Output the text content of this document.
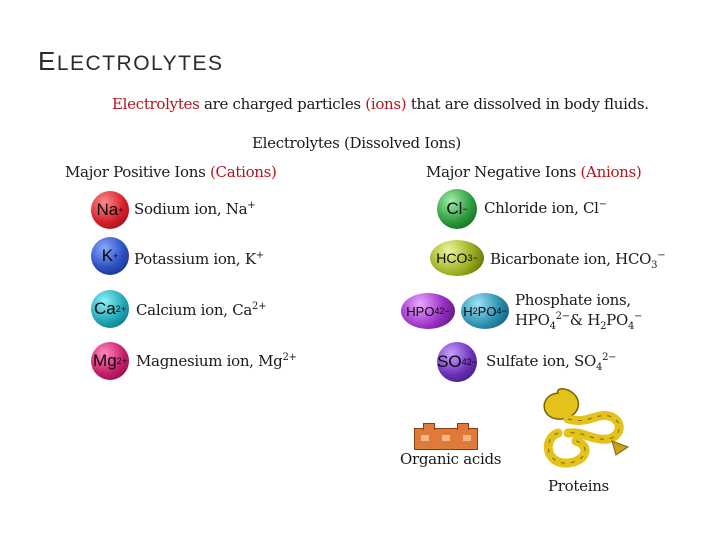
ELECTROLYTES
Electrolytes are charged particles (ions) that are dissolved in body fluids.
Electrolytes (Dissolved Ions)
Major Positive Ions (Cations)	Major Negative Ions (Anions)
Na + Sodium ion, Na+
K + Potassium ion, K+
Ca 2+ Calcium ion, $Ca^{2+}$
Mg 2+ Magnesium ion, $Mg^{2+}$
Cl − Chloride ion, Cl−
HCO 3 − Bicarbonate ion, $HCO_3^-$
HPO 4 2− H 2 PO 4 −
Phosphate ions,
$HPO_4^{2-}\&$ $H_2PO_4^-$
SO 4 2− Sulfate ion, $SO_4^{2-}$
Organic acids
Proteins
